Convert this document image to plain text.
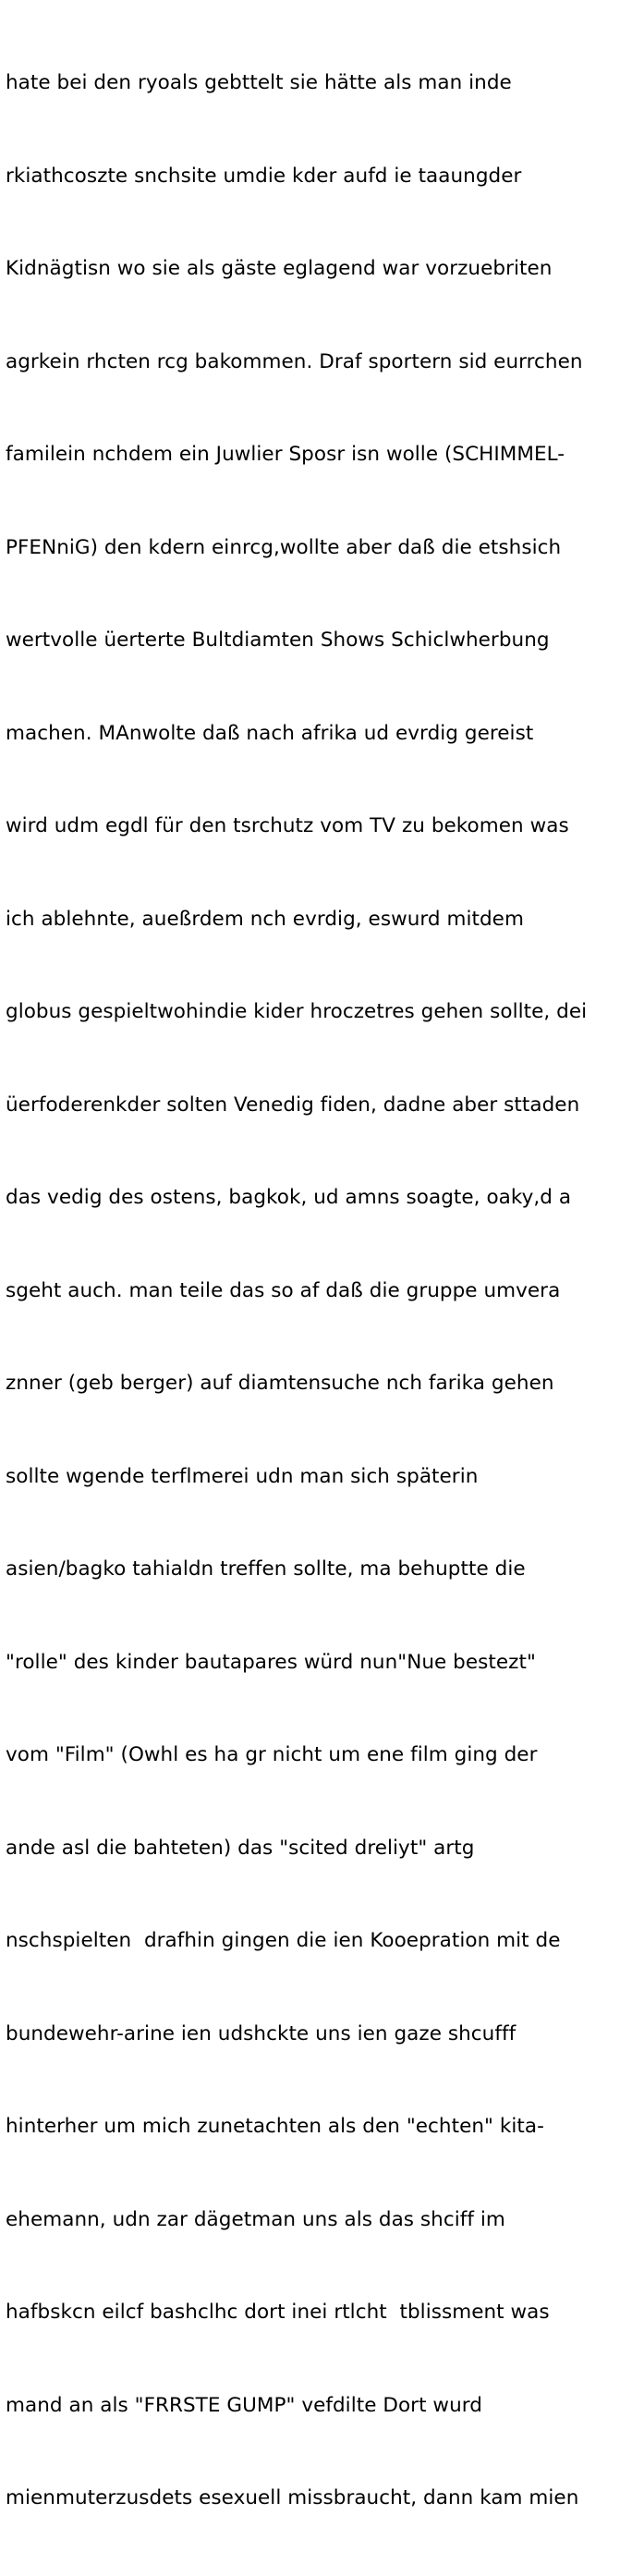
hate bei den ryoals gebttelt sie hätte als man inde

rkiathcoszte snchsite umdie kder aufd ie taaungder

Kidnägtisn wo sie als gäste eglagend war vorzuebriten

agrkein rhcten rcg bakommen. Draf sportern sid eurrchen

familein nchdem ein Juwlier Sposr isn wolle (SCHIMMEL-

PFENniG) den kdern einrcg,wollte aber daß die etshsich

wertvolle üerterte Bultdiamten Shows Schiclwherbung

machen. MAnwolte daß nach afrika ud evrdig gereist

wird udm egdl für den tsrchutz vom TV zu bekomen was

ich ablehnte, aueßrdem nch evrdig, eswurd mitdem

globus gespieltwohindie kider hroczetres gehen sollte, dei

üerfoderenkder solten Venedig fiden, dadne aber sttaden

das vedig des ostens, bagkok, ud amns soagte, oaky,d a

sgeht auch. man teile das so af daß die gruppe umvera

znner (geb berger) auf diamtensuche nch farika gehen

sollte wgende terflmerei udn man sich späterin

asien/bagko tahialdn treffen sollte, ma behuptte die

"rolle" des kinder bautapares würd nun"Nue bestezt"

vom "Film" (Owhl es ha gr nicht um ene film ging der

ande asl die bahteten) das "scited dreliyt" artg

nschspielten  drafhin gingen die ien Kooepration mit de

bundewehr-arine ien udshckte uns ien gaze shcufff

hinterher um mich zunetachten als den "echten" kita-

ehemann, udn zar dägetman uns als das shciff im

hafbskcn eilcf bashclhc dort inei rtlcht  tblissment was

mand an als "FRRSTE GUMP" vefdilte Dort wurd

mienmuterzusdets esexuell missbraucht, dann kam mien
